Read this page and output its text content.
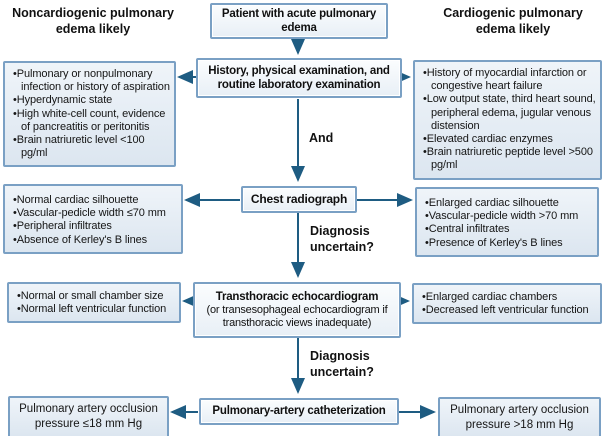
Noncardiogenic pulmonary edema likely
Cardiogenic pulmonary edema likely
Patient with acute pulmonary edema
History, physical examination, and routine laboratory examination
And
Chest radiograph
Diagnosis uncertain?
Transthoracic echocardiogram
(or transesophageal echocardiogram if transthoracic views inadequate)
Diagnosis uncertain?
Pulmonary-artery catheterization
• Pulmonary or nonpulmonary infection or history of aspiration
• Hyperdynamic state
• High white-cell count, evidence of pancreatitis or peritonitis
• Brain natriuretic level <100 pg/ml
• Normal cardiac silhouette
• Vascular-pedicle width ≤70 mm
• Peripheral infiltrates
• Absence of Kerley's B lines
• Normal or small chamber size
• Normal left ventricular function
Pulmonary artery occlusion pressure ≤18 mm Hg
• History of myocardial infarction or congestive heart failure
• Low output state, third heart sound, peripheral edema, jugular venous distension
• Elevated cardiac enzymes
• Brain natriuretic peptide level >500 pg/ml
• Enlarged cardiac silhouette
• Vascular-pedicle width >70 mm
• Central infiltrates
• Presence of Kerley's B lines
• Enlarged cardiac chambers
• Decreased left ventricular function
Pulmonary artery occlusion pressure >18 mm Hg
